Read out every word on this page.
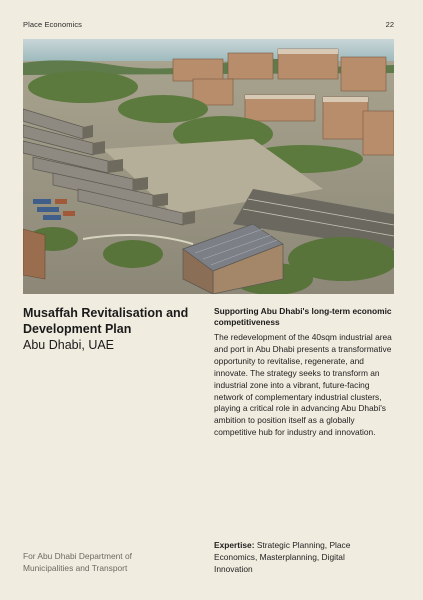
Place Economics	22
Musaffah Revitalisation and Development Plan
Abu Dhabi, UAE
Supporting Abu Dhabi's long-term economic competitiveness
The redevelopment of the 40sqm industrial area and port in Abu Dhabi presents a transformative opportunity to revitalise, regenerate, and innovate. The strategy seeks to transform an industrial zone into a vibrant, future-facing network of complementary industrial clusters, playing a critical role in advancing Abu Dhabi's ambition to position itself as a globally competitive hub for industry and innovation.
For Abu Dhabi Department of Municipalities and Transport
Expertise: Strategic Planning, Place Economics, Masterplanning, Digital Innovation
